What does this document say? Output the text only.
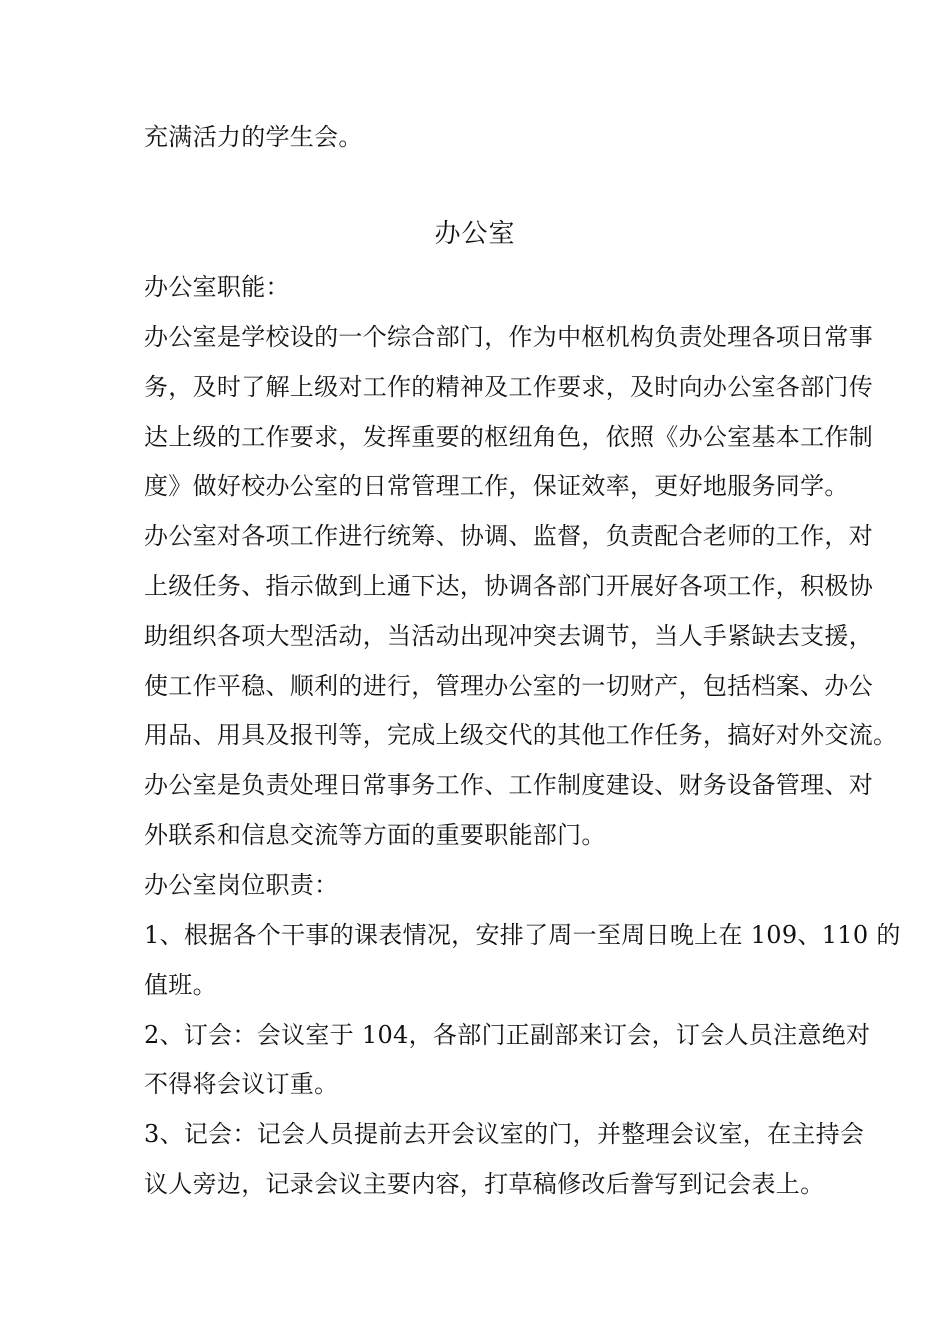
充满活力的学生会。
办公室
办公室职能：
办公室是学校设的一个综合部门，作为中枢机构负责处理各项日常事
务，及时了解上级对工作的精神及工作要求，及时向办公室各部门传
达上级的工作要求，发挥重要的枢纽角色，依照《办公室基本工作制
度》做好校办公室的日常管理工作，保证效率，更好地服务同学。
办公室对各项工作进行统筹、协调、监督，负责配合老师的工作，对
上级任务、指示做到上通下达，协调各部门开展好各项工作，积极协
助组织各项大型活动，当活动出现冲突去调节，当人手紧缺去支援，
使工作平稳、顺利的进行，管理办公室的一切财产，包括档案、办公
用品、用具及报刊等，完成上级交代的其他工作任务，搞好对外交流。
办公室是负责处理日常事务工作、工作制度建设、财务设备管理、对
外联系和信息交流等方面的重要职能部门。
办公室岗位职责：
1、根据各个干事的课表情况，安排了周一至周日晚上在 109、110 的
值班。
2、订会：会议室于 104，各部门正副部来订会，订会人员注意绝对
不得将会议订重。
3、记会：记会人员提前去开会议室的门，并整理会议室，在主持会
议人旁边，记录会议主要内容，打草稿修改后誊写到记会表上。
